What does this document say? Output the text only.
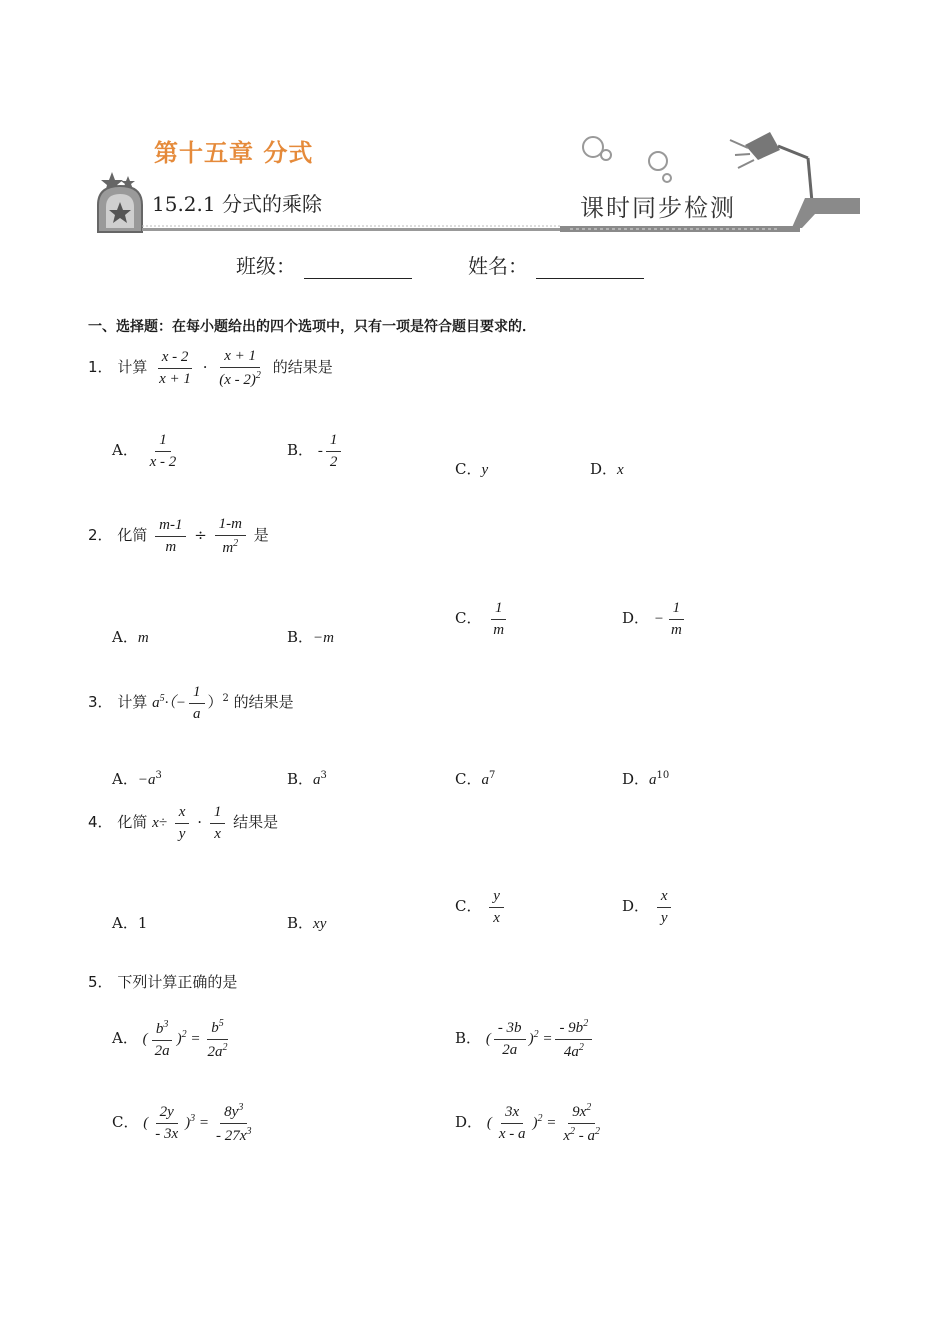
第十五章 分式
15.2.1 分式的乘除	课时同步检测
班级：	姓名：
一、选择题：在每小题给出的四个选项中，只有一项是符合题目要求的．
1． 计算 $\frac{x - 2}{x + 1} \cdot \frac{x + 1}{(x - 2)^2}$ 的结果是
A． $\frac{1}{x - 2}$	B． - $\frac{1}{2}$	C．y	D．x
2． 化简 $\frac{m-1}{m} \div \frac{1-m}{m^2}$ 是
A．m	B．−m
C． $\frac{1}{m}$	D． − $\frac{1}{m}$
3． 计算 $a^5\cdot(- \frac{1}{a} )^2$ 的结果是
A．$-a^3$	B．$a^3$	C．$a^7$	D．$a^{10}$
4． 化简 $x\div \frac{x}{y} \cdot \frac{1}{x}$ 结果是
A．1	B．xy
C． $\frac{y}{x}$	D． $\frac{x}{y}$
5． 下列计算正确的是
A． ( $\frac{b^3}{2a} )^2 = \frac{b^5}{2a^2}$	B． ( $\frac{- 3b}{2a} )^2 = \frac{- 9b^2}{4a^2}$
C． ( $\frac{2y}{- 3x} )^3 = \frac{8y^3}{- 27x^3}$	D． ( $\frac{3x}{x - a} )^2 = \frac{9x^2}{x^2 - a^2}$
